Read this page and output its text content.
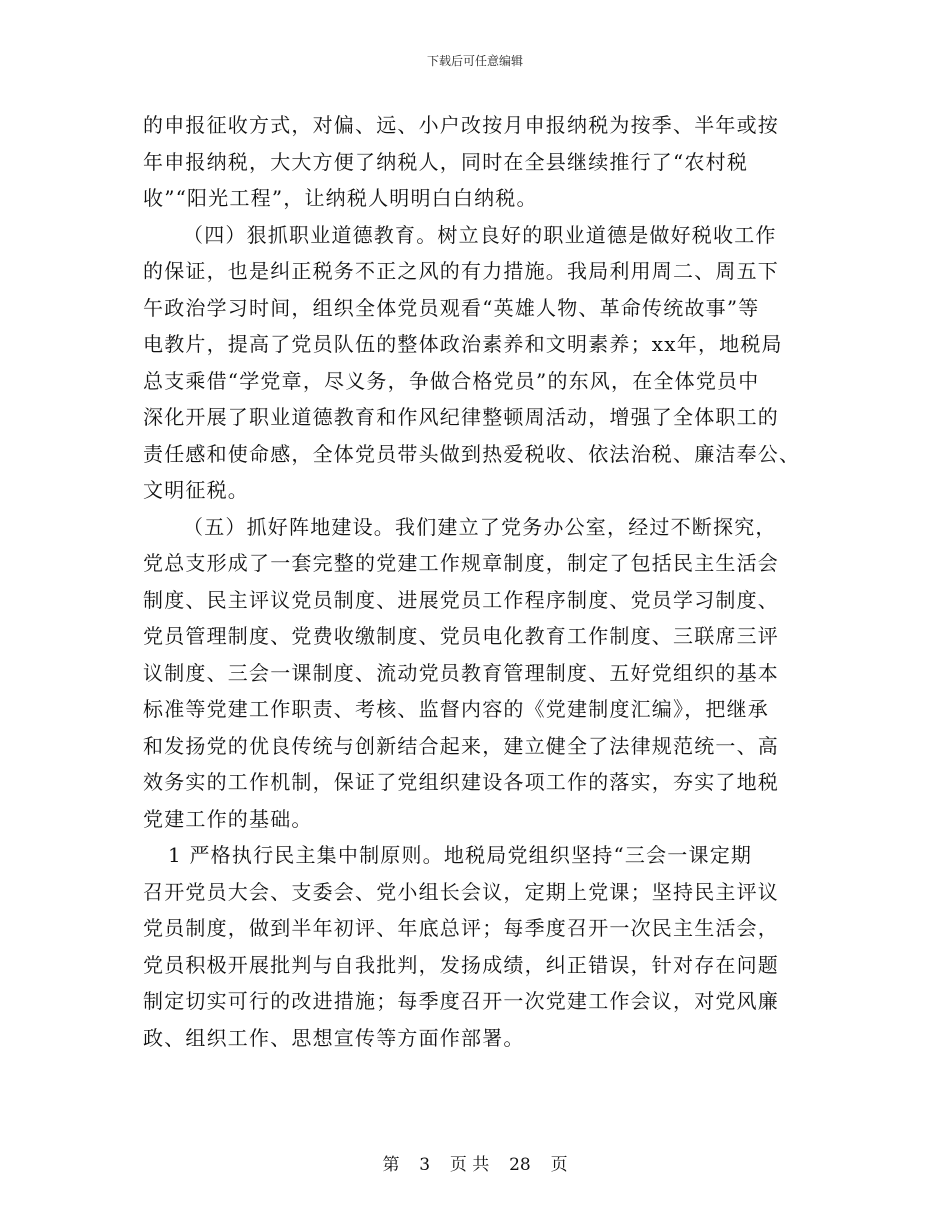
下载后可任意编辑

的申报征收方式，对偏、远、小户改按月申报纳税为按季、半年或按
年申报纳税，大大方便了纳税人，同时在全县继续推行了“农村税
收”“阳光工程”，让纳税人明明白白纳税。

（四）狠抓职业道德教育。树立良好的职业道德是做好税收工作
的保证，也是纠正税务不正之风的有力措施。我局利用周二、周五下
午政治学习时间，组织全体党员观看“英雄人物、革命传统故事”等
电教片，提高了党员队伍的整体政治素养和文明素养；xx年，地税局
总支乘借“学党章，尽义务，争做合格党员”的东风，在全体党员中
深化开展了职业道德教育和作风纪律整顿周活动，增强了全体职工的
责任感和使命感，全体党员带头做到热爱税收、依法治税、廉洁奉公、
文明征税。

（五）抓好阵地建设。我们建立了党务办公室，经过不断探究，
党总支形成了一套完整的党建工作规章制度，制定了包括民主生活会
制度、民主评议党员制度、进展党员工作程序制度、党员学习制度、
党员管理制度、党费收缴制度、党员电化教育工作制度、三联席三评
议制度、三会一课制度、流动党员教育管理制度、五好党组织的基本
标准等党建工作职责、考核、监督内容的《党建制度汇编》，把继承
和发扬党的优良传统与创新结合起来，建立健全了法律规范统一、高
效务实的工作机制，保证了党组织建设各项工作的落实，夯实了地税
党建工作的基础。

1 严格执行民主集中制原则。地税局党组织坚持“三会一课定期
召开党员大会、支委会、党小组长会议，定期上党课；坚持民主评议
党员制度，做到半年初评、年底总评；每季度召开一次民主生活会，
党员积极开展批判与自我批判，发扬成绩，纠正错误，针对存在问题
制定切实可行的改进措施；每季度召开一次党建工作会议，对党风廉
政、组织工作、思想宣传等方面作部署。

第 3 页 共 28 页
